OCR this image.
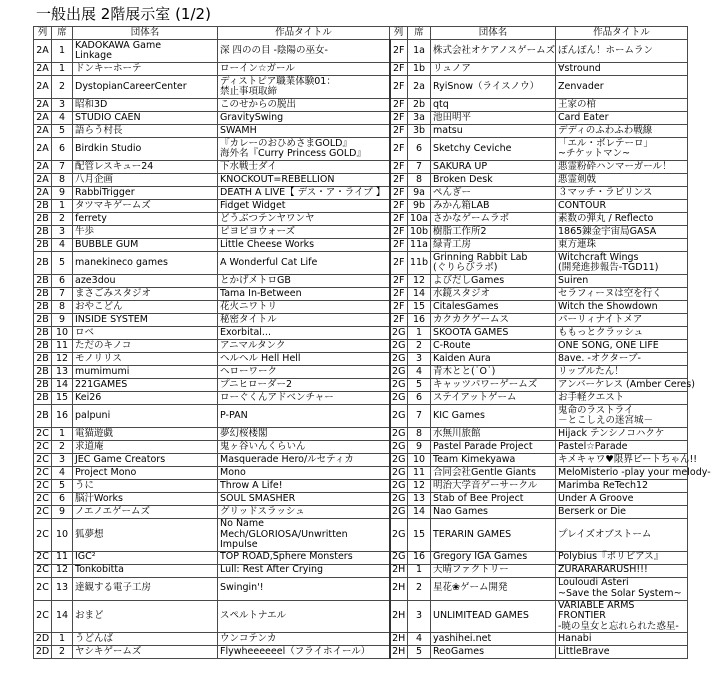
一般出展 2階展示室 (1/2)
列	席	団体名	作品タイトル	列	席	団体名	作品タイトル
2A	1	KADOKAWA Game
Linkage	深 四のの目 -陰陽の巫女-	2F	1a	株式会社オケアノスゲームズ	ぽんぽん！ホームラン
2A	1	ドンキーホーテ	ローイン☆ガール	2F	1b	リュノア	∀stround
2A	2	DystopianCareerCenter	ディストピア職業体験01：
禁止事項取締	2F	2a	RyiSnow（ライスノウ）	Zenvader
2A	3	昭和3D	このせからの脱出	2F	2b	qtq	王家の棺
2A	4	STUDIO CAEN	GravitySwing	2F	3a	池田明平	Card Eater
2A	5	語らう村長	SWAMH	2F	3b	matsu	デディのふわふわ戦線
2A	6	Birdkin Studio	『カレーのおひめさまGOLD』
海外名『Curry Princess GOLD』	2F	6	Sketchy Ceviche	「エル・ボレテーロ」
~チケットマン~
2A	7	配管レスキュー24	下水戦士ダイ	2F	7	SAKURA UP	悪霊粉砕ハンマーガール！
2A	8	八月企画	KNOCKOUT=REBELLION	2F	8	Broken Desk	悪霊剣戟
2A	9	RabbiTrigger	DEATH A LIVE【 デス・ア・ライブ 】	2F	9a	ぺんぎー	３マッチ・ラビリンス
2B	1	タツマキゲームズ	Fidget Widget	2F	9b	みかん箱LAB	CONTOUR
2B	2	ferrety	どうぶつテンヤワンヤ	2F	10a	さかなゲームラボ	素数の弾丸 / Reflecto
2B	3	牛歩	ピヨピヨウォーズ	2F	10b	樹脂工作所2	1865錬金宇宙局GASA
2B	4	BUBBLE GUM	Little Cheese Works	2F	11a	緑青工房	東方連珠
2B	5	manekineco games	A Wonderful Cat Life	2F	11b	Grinning Rabbit Lab
(ぐりらびラボ)	Witchcraft Wings
(開発進捗報告-TGD11)
2B	6	aze3dou	とかげメトロGB	2F	12	よびだしGames	Suiren
2B	7	まさごみスタジオ	Tama In-Between	2F	14	水鏡スタジオ	セラフィーヌは空を行く
2B	8	おやこどん	花火ニワトリ	2F	15	CitalesGames	Witch the Showdown
2B	9	INSIDE SYSTEM	秘密タイトル	2F	16	カクカクゲームス	パーリィナイトメア
2B	10	ロベ	Exorbital...	2G	1	SKOOTA GAMES	ももっとクラッシュ
2B	11	ただのキノコ	アニマルタンク	2G	2	C-Route	ONE SONG, ONE LIFE
2B	12	モノリリス	ヘルヘル Hell Hell	2G	3	Kaiden Aura	8ave. -オクターブ-
2B	13	mumimumi	ヘローワーク	2G	4	青木とと(˙O˙)	リップルたん！
2B	14	221GAMES	プニヒローダー2	2G	5	キャッツパワーゲームズ	アンバーケレス (Amber Ceres)
2B	15	Kei26	ローぐくんアドベンチャー	2G	6	ステイアットゲーム	お手軽クエスト
2B	16	palpuni	P-PAN	2G	7	KIC Games	鬼命のラストライ
－とこしえの迷宮城－
2C	1	電猫遊戯	夢幻桜楼閣	2G	8	水無川旅館	Hijack テンシノコハクケ
2C	2	求道庵	鬼ヶ谷いんくらいん	2G	9	Pastel Parade Project	Pastel☆Parade
2C	3	JEC Game Creators	Masquerade Hero/ルセティカ	2G	10	Team Kimekyawa	キメキャワ♥限界ビートちゃん!!
2C	4	Project Mono	Mono	2G	11	合同会社Gentle Giants	MeloMisterio -play your melody-
2C	5	うに	Throw A Life!	2G	12	明治大学音ゲーサークル	Marimba ReTech12
2C	6	脳汁Works	SOUL SMASHER	2G	13	Stab of Bee Project	Under A Groove
2C	9	ノエノエゲームズ	グリッドスラッシュ	2G	14	Nao Games	Berserk or Die
2C	10	狐夢想	No Name
Mech/GLORIOSA/Unwritten Impulse	2G	15	TERARIN GAMES	プレイズオブストーム
2C	11	IGC²	TOP ROAD,Sphere Monsters	2G	16	Gregory IGA Games	Polybius『ポリビアス』
2C	12	Tonkobitta	Lull: Rest After Crying	2H	1	天晴ファクトリー	ZURARARARUSH!!!
2C	13	達観する電子工房	Swingin'!	2H	2	星花❀ゲーム開発	Louloudi Asteri
~Save the Solar System~
2C	14	おまど	スペルトナエル	2H	3	UNLIMITEAD GAMES	VARIABLE ARMS FRONTIER
-暁の皇女と忘れられた惑星-
2D	1	うどんば	ウンコテンカ	2H	4	yashihei.net	Hanabi
2D	2	ヤシキゲームズ	Flywheeeeeel（フライホイール）	2H	5	ReoGames	LittleBrave
